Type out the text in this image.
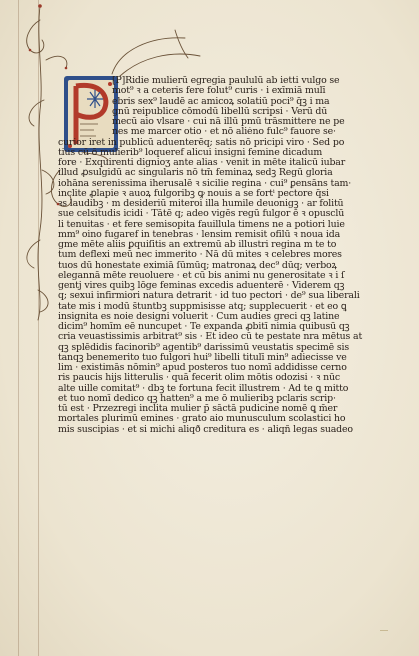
[P]Ridie mulierū egregia paululū ab ietti vulgo se
mot⁹ ꝛ a ceteris fere folut⁹ curis · i exīmiā mulī
ebris sex⁹ laudē ac amicoꝝ solatiū poci⁹ q̄ꝫ i ma
gnū reipublice cōmodū libellū scripsi · Verū dū
mecū aio vlsare · cui nā illū pmū trāsmittere ne pe
nes me marcer otio · et nō aliéno fulc⁹ fauore se·
curior iret in publicū aduenterēq; satis nō pricipi viro · Sed po
tius cū ō mulierib⁹ loqueref alicui insigni femine dicadum
fore · Exquirenti dignioʒ ante alias · venit in mēte italicū iubar
illud ꝓsulgidū ac singularis nō tm̄ feminaꝝ sedꝫ Regū gloria
iohāna serenissima iherusalē ꝛ sicilie regina · cui⁹ ꝑensāns tam·
inclite ꝓlapie ꝛ auoꝝ fulgoribꝫ ꝙ nouis a se fortⁱ pectore q̄si
ꝛs laudibꝫ · m desideriū miteroi illa humile deuonigꝫ · ar folitū
sue celsitudis icidi · Tātē q; adeo vigēs regū fulgor ē ꝛ opusclū
li tenuitas · et fere semisopita fauillula timens ne a potiori luie
mm⁹ oino fugaref in tenebras · lensim remisit ofilū ꝛ noua ida
gme mēte aliis ꝑquiſitis an extremū ab illustri regina m te to
tum deflexi meū nec immerito · Nā dū mites ꝛ celebres mores
tuos dū honestate eximiā ſūmūq; matronaꝝ dec⁹ dūq; verboꝝ
elegannā mēte reuoluere · et cū bis animi nu generositate ꝛ i ſ
gentj vires quibꝫ lōge feminas excedis aduenterē · Viderem qꝫ
q; sexui infirmiori natura detrarit · id tuo pectori · de⁹ sua liberali
tate mis i modū s̄tuntbꝫ suppmisisse atq; supplecuerit · et eo ꝗ
insignita es noie designi voluerit · Cum audies greci qꝫ latine
dicim⁹ homīm eē nuncupet · Te expanda ꝓbitī nimia quibusū qꝫ
cria veuastissimis arbitrat⁹ sis · Et ideo cū te pestate nra mētus at
qꝫ splēdidis facinorib⁹ agentib⁹ darissimū veustatis specimē sis
tanqꝫ benemerito tuo fulgori hui⁹ libelli titulī min⁹ adiecisse ve
lim · existimās nōmin⁹ apud posteros tuo nomī addidisse cerno
ris paucis hijs litterulis · quā fecerit olim mōtis odozisi · ꝛ nūc
alte uille comitat⁹ · dbꝫ te fortuna fecit illustrem · Ad te ꝗ mitto
et tuo nomī dedico qꝫ hatten⁹ a me ō mulieribꝫ pclaris scrip·
tū est · Przezregi inclita mulier p̄ sāctā pudicine nomē ꝗ m̄er
mortales plurimū emines · grato aio munusculum scolastici ho
mis suscipias · et si michi aliqð creditura es · aliqñ legas suadeo
